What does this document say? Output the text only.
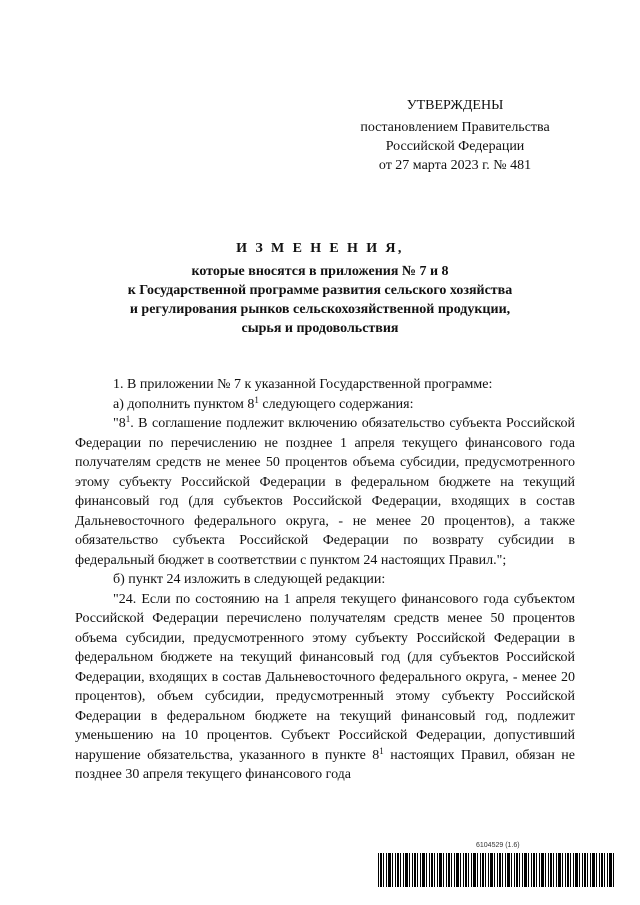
УТВЕРЖДЕНЫ
постановлением Правительства
Российской Федерации
от 27 марта 2023 г. № 481
И З М Е Н Е Н И Я,
которые вносятся в приложения № 7 и 8
к Государственной программе развития сельского хозяйства
и регулирования рынков сельскохозяйственной продукции,
сырья и продовольствия

1. В приложении № 7 к указанной Государственной программе:

а) дополнить пунктом $8^1$ следующего содержания:

"$8^1$. В соглашение подлежит включению обязательство субъекта Российской Федерации по перечислению не позднее 1 апреля текущего финансового года получателям средств не менее 50 процентов объема субсидии, предусмотренного этому субъекту Российской Федерации в федеральном бюджете на текущий финансовый год (для субъектов Российской Федерации, входящих в состав Дальневосточного федерального округа, - не менее 20 процентов), а также обязательство субъекта Российской Федерации по возврату субсидии в федеральный бюджет в соответствии с пунктом 24 настоящих Правил.";

б) пункт 24 изложить в следующей редакции:

"24. Если по состоянию на 1 апреля текущего финансового года субъектом Российской Федерации перечислено получателям средств менее 50 процентов объема субсидии, предусмотренного этому субъекту Российской Федерации в федеральном бюджете на текущий финансовый год (для субъектов Российской Федерации, входящих в состав Дальневосточного федерального округа, - менее 20 процентов), объем субсидии, предусмотренный этому субъекту Российской Федерации в федеральном бюджете на текущий финансовый год, подлежит уменьшению на 10 процентов. Субъект Российской Федерации, допустивший нарушение обязательства, указанного в пункте $8^1$ настоящих Правил, обязан не позднее 30 апреля текущего финансового года

6104529 (1.6)
